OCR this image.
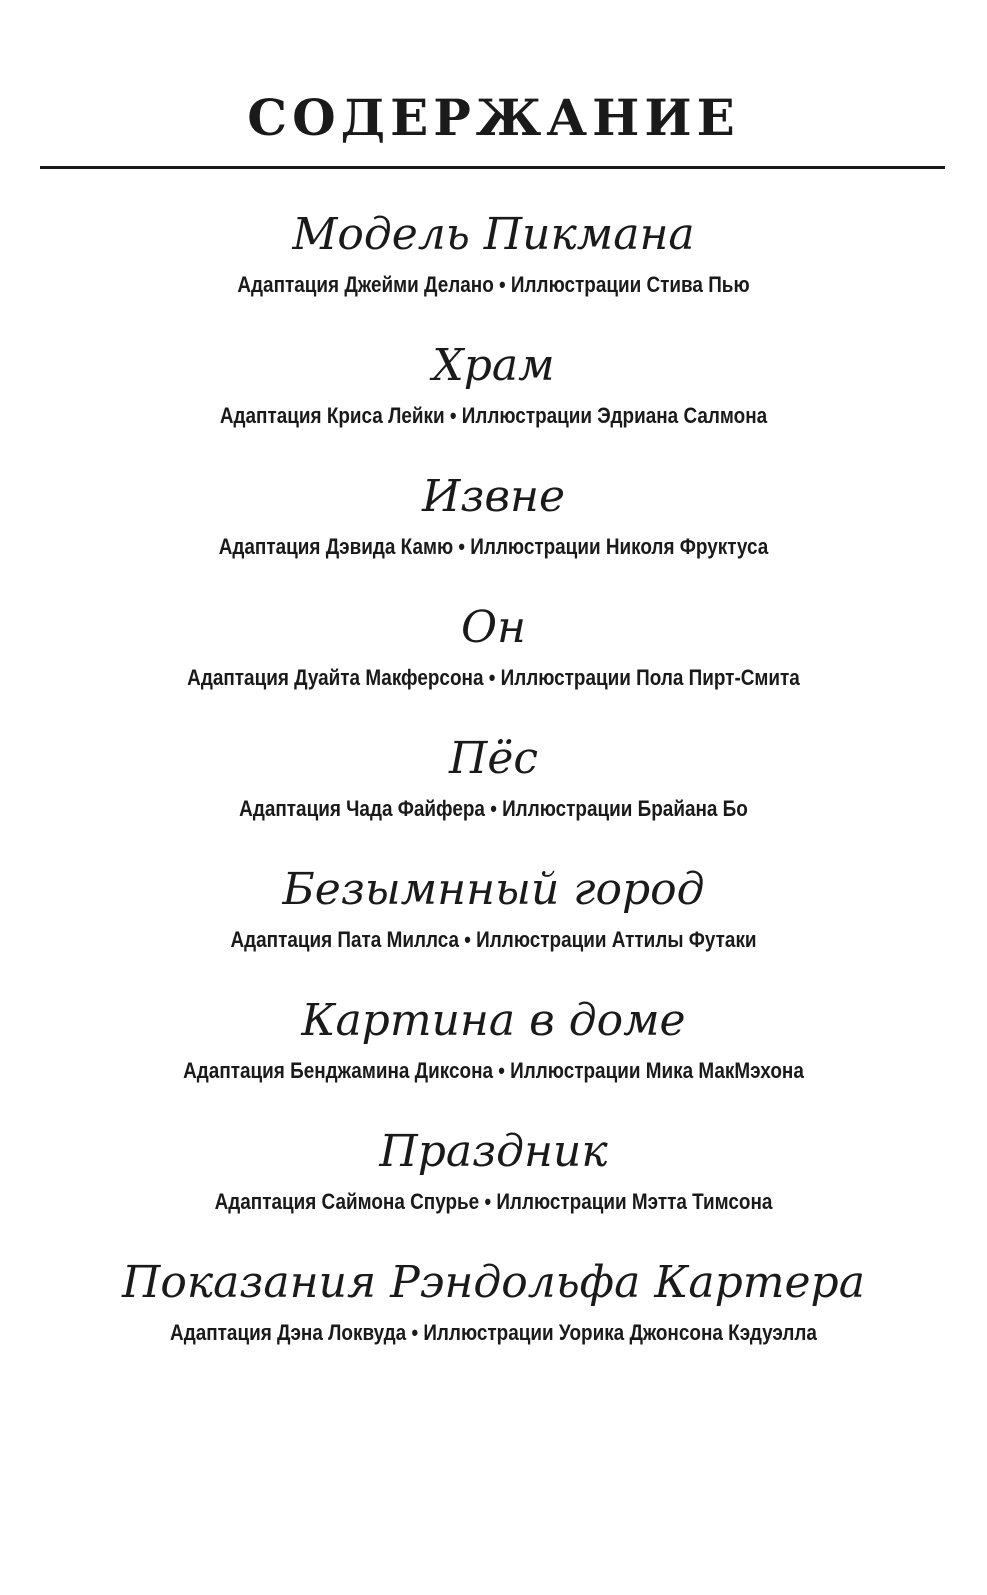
СОДЕРЖАНИЕ
Модель Пикмана
Адаптация Джейми Делано • Иллюстрации Стива Пью
Храм
Адаптация Криса Лейки • Иллюстрации Эдриана Салмона
Извне
Адаптация Дэвида Камю • Иллюстрации Николя Фруктуса
Он
Адаптация Дуайта Макферсона • Иллюстрации Пола Пирт-Смита
Пёс
Адаптация Чада Файфера • Иллюстрации Брайана Бо
Безымнный город
Адаптация Пата Миллса • Иллюстрации Аттилы Футаки
Картина в доме
Адаптация Бенджамина Диксона • Иллюстрации Мика МакМэхона
Праздник
Адаптация Саймона Спурье • Иллюстрации Мэтта Тимсона
Показания Рэндольфа Картера
Адаптация Дэна Локвуда • Иллюстрации Уорика Джонсона Кэдуэлла
